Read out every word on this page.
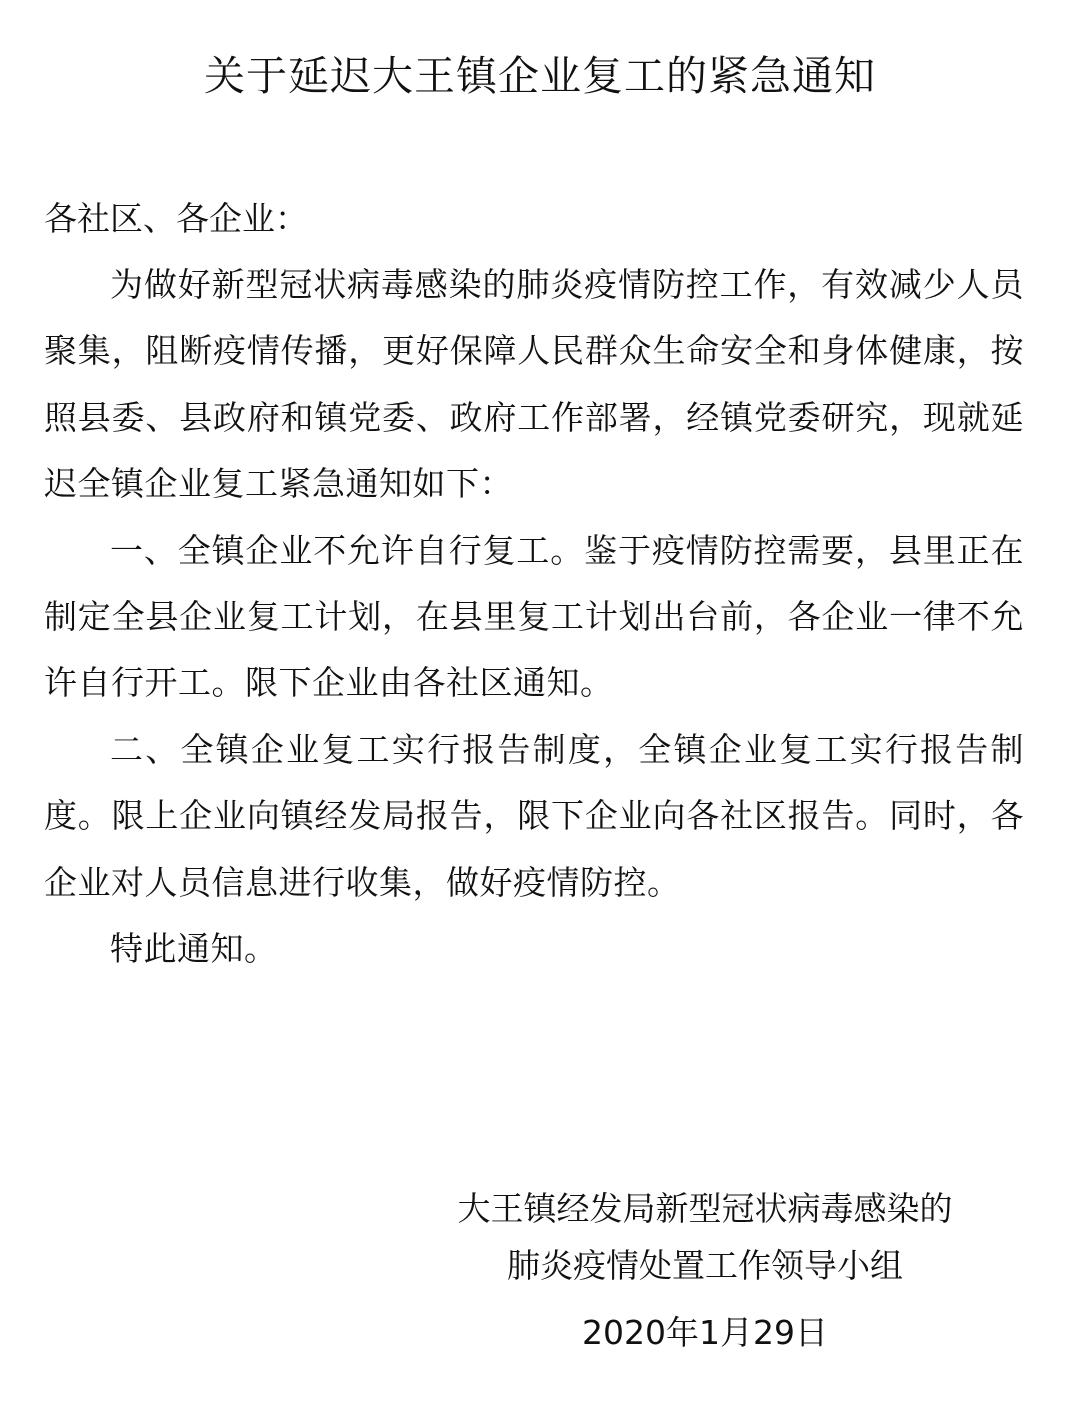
关于延迟大王镇企业复工的紧急通知
各社区、各企业：

为做好新型冠状病毒感染的肺炎疫情防控工作，有效减少人员聚集，阻断疫情传播，更好保障人民群众生命安全和身体健康，按照县委、县政府和镇党委、政府工作部署，经镇党委研究，现就延迟全镇企业复工紧急通知如下：

一、全镇企业不允许自行复工。鉴于疫情防控需要，县里正在制定全县企业复工计划，在县里复工计划出台前，各企业一律不允许自行开工。限下企业由各社区通知。

二、全镇企业复工实行报告制度，全镇企业复工实行报告制度。限上企业向镇经发局报告，限下企业向各社区报告。同时，各企业对人员信息进行收集，做好疫情防控。

特此通知。

大王镇经发局新型冠状病毒感染的
肺炎疫情处置工作领导小组
2020年1月29日
